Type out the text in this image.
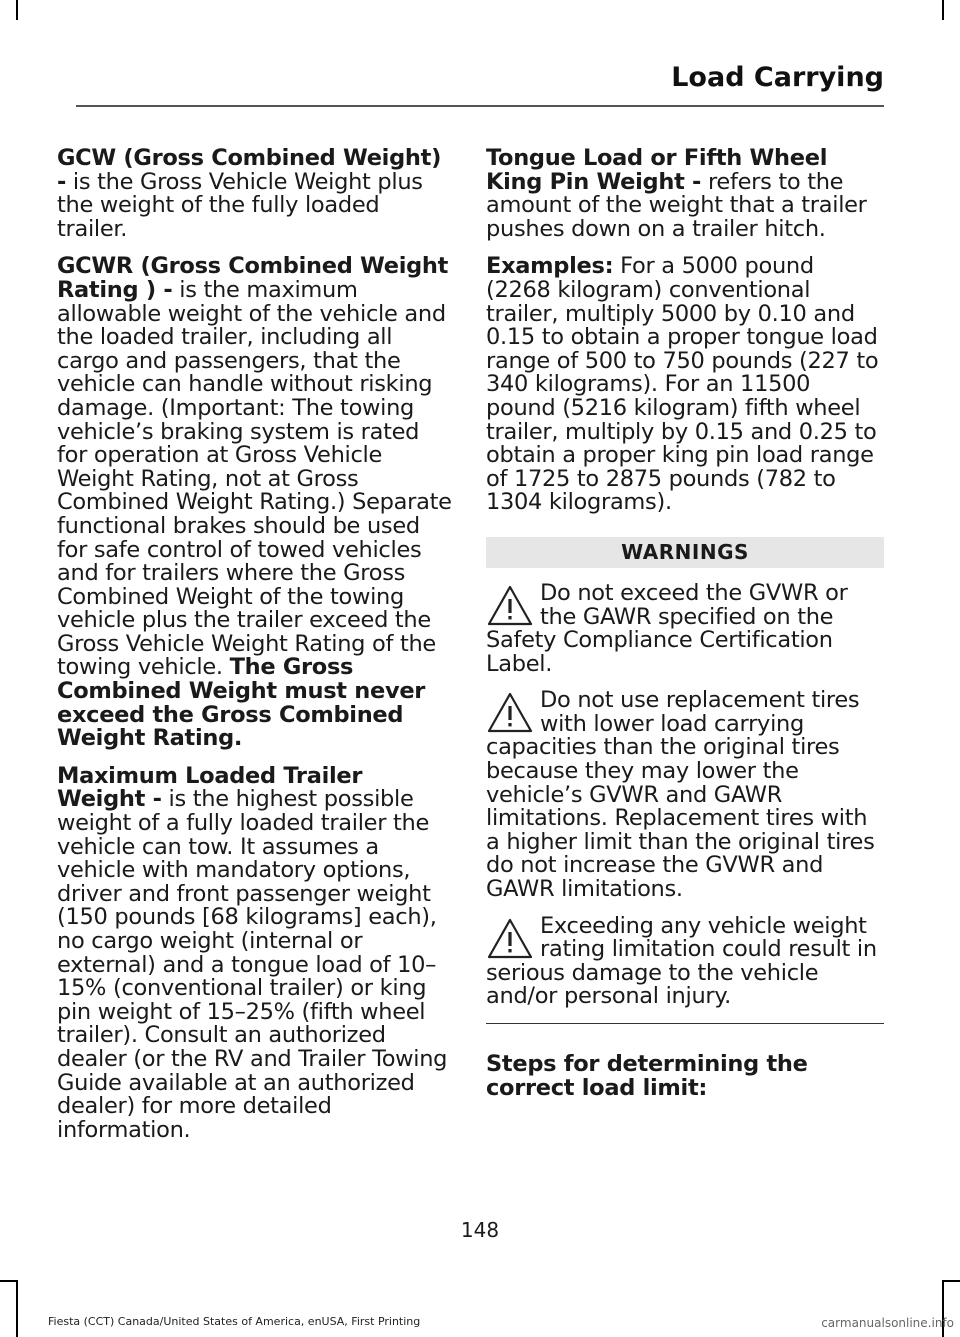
Load Carrying

GCW (Gross Combined Weight) - is the Gross Vehicle Weight plus the weight of the fully loaded trailer.

GCWR (Gross Combined Weight Rating ) - is the maximum allowable weight of the vehicle and the loaded trailer, including all cargo and passengers, that the vehicle can handle without risking damage. (Important: The towing vehicle’s braking system is rated for operation at Gross Vehicle Weight Rating, not at Gross Combined Weight Rating.) Separate functional brakes should be used for safe control of towed vehicles and for trailers where the Gross Combined Weight of the towing vehicle plus the trailer exceed the Gross Vehicle Weight Rating of the towing vehicle. The Gross Combined Weight must never exceed the Gross Combined Weight Rating.

Maximum Loaded Trailer Weight - is the highest possible weight of a fully loaded trailer the vehicle can tow. It assumes a vehicle with mandatory options, driver and front passenger weight (150 pounds [68 kilograms] each), no cargo weight (internal or external) and a tongue load of 10–15% (conventional trailer) or king pin weight of 15–25% (fifth wheel trailer). Consult an authorized dealer (or the RV and Trailer Towing Guide available at an authorized dealer) for more detailed information.

Tongue Load or Fifth Wheel King Pin Weight - refers to the amount of the weight that a trailer pushes down on a trailer hitch.

Examples: For a 5000 pound (2268 kilogram) conventional trailer, multiply 5000 by 0.10 and 0.15 to obtain a proper tongue load range of 500 to 750 pounds (227 to 340 kilograms). For an 11500 pound (5216 kilogram) fifth wheel trailer, multiply by 0.15 and 0.25 to obtain a proper king pin load range of 1725 to 2875 pounds (782 to 1304 kilograms).

WARNINGS
Do not exceed the GVWR or the GAWR specified on the Safety Compliance Certification Label.
Do not use replacement tires with lower load carrying capacities than the original tires because they may lower the vehicle’s GVWR and GAWR limitations. Replacement tires with a higher limit than the original tires do not increase the GVWR and GAWR limitations.
Exceeding any vehicle weight rating limitation could result in serious damage to the vehicle and/or personal injury.

Steps for determining the correct load limit:

148
Fiesta (CCT) Canada/United States of America, enUSA, First Printing	carmanualsonline.info
